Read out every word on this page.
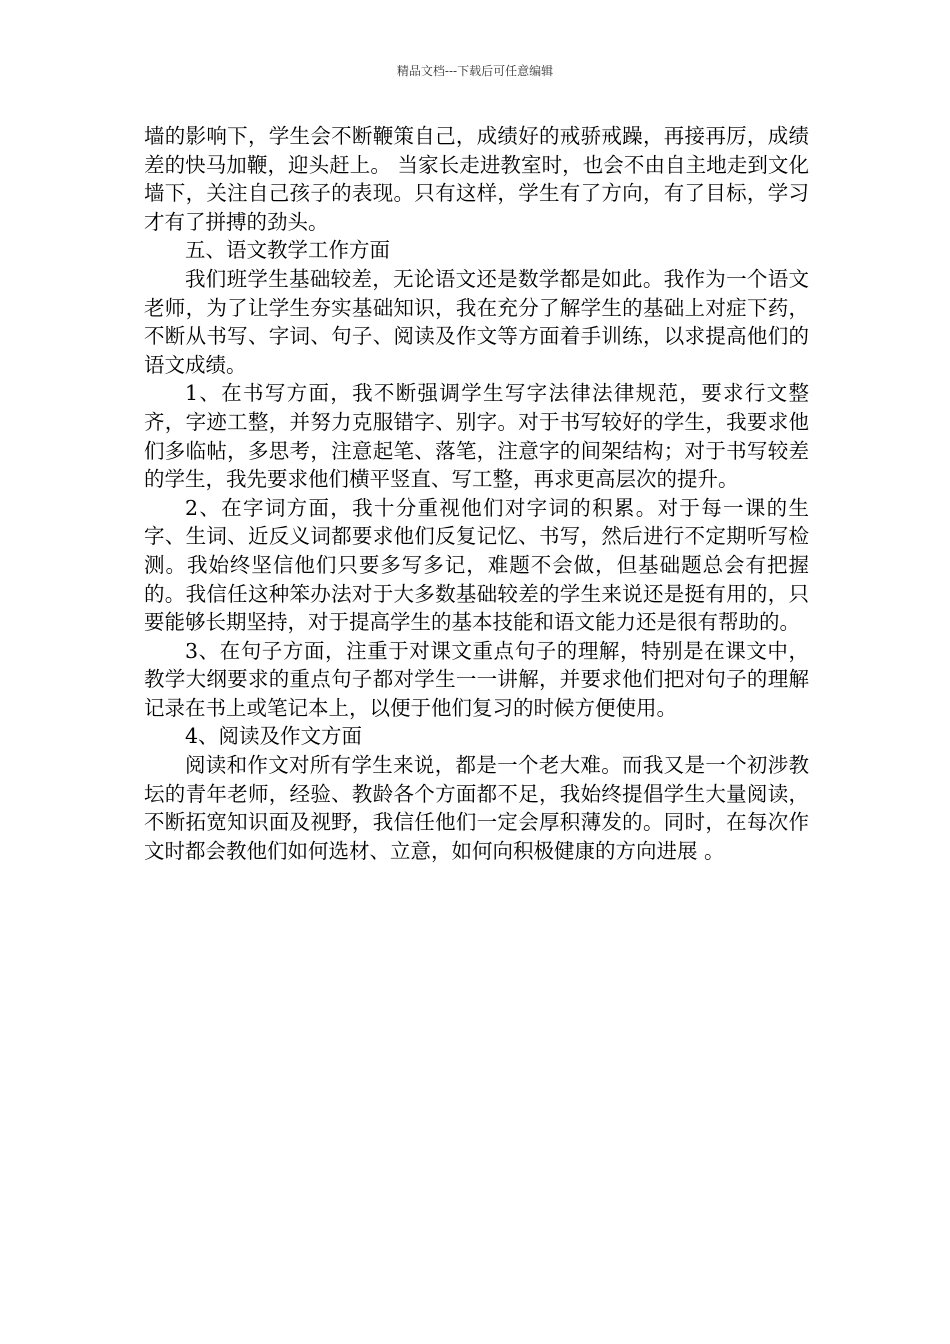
精品文档---下载后可任意编辑

墙的影响下，学生会不断鞭策自己，成绩好的戒骄戒躁，再接再厉，成绩差的快马加鞭，迎头赶上。 当家长走进教室时，也会不由自主地走到文化墙下，关注自己孩子的表现。只有这样，学生有了方向，有了目标，学习才有了拼搏的劲头。

五、语文教学工作方面

我们班学生基础较差，无论语文还是数学都是如此。我作为一个语文老师，为了让学生夯实基础知识，我在充分了解学生的基础上对症下药，不断从书写、字词、句子、阅读及作文等方面着手训练，以求提高他们的语文成绩。

1、在书写方面，我不断强调学生写字法律法律规范，要求行文整齐，字迹工整，并努力克服错字、别字。对于书写较好的学生，我要求他们多临帖，多思考，注意起笔、落笔，注意字的间架结构；对于书写较差的学生，我先要求他们横平竖直、写工整，再求更高层次的提升。

2、在字词方面，我十分重视他们对字词的积累。对于每一课的生字、生词、近反义词都要求他们反复记忆、书写，然后进行不定期听写检测。我始终坚信他们只要多写多记，难题不会做，但基础题总会有把握的。我信任这种笨办法对于大多数基础较差的学生来说还是挺有用的，只要能够长期坚持，对于提高学生的基本技能和语文能力还是很有帮助的。

3、在句子方面，注重于对课文重点句子的理解，特别是在课文中，教学大纲要求的重点句子都对学生一一讲解，并要求他们把对句子的理解记录在书上或笔记本上，以便于他们复习的时候方便使用。

4、阅读及作文方面

阅读和作文对所有学生来说，都是一个老大难。而我又是一个初涉教坛的青年老师，经验、教龄各个方面都不足，我始终提倡学生大量阅读，不断拓宽知识面及视野，我信任他们一定会厚积薄发的。同时，在每次作文时都会教他们如何选材、立意，如何向积极健康的方向进展 。
